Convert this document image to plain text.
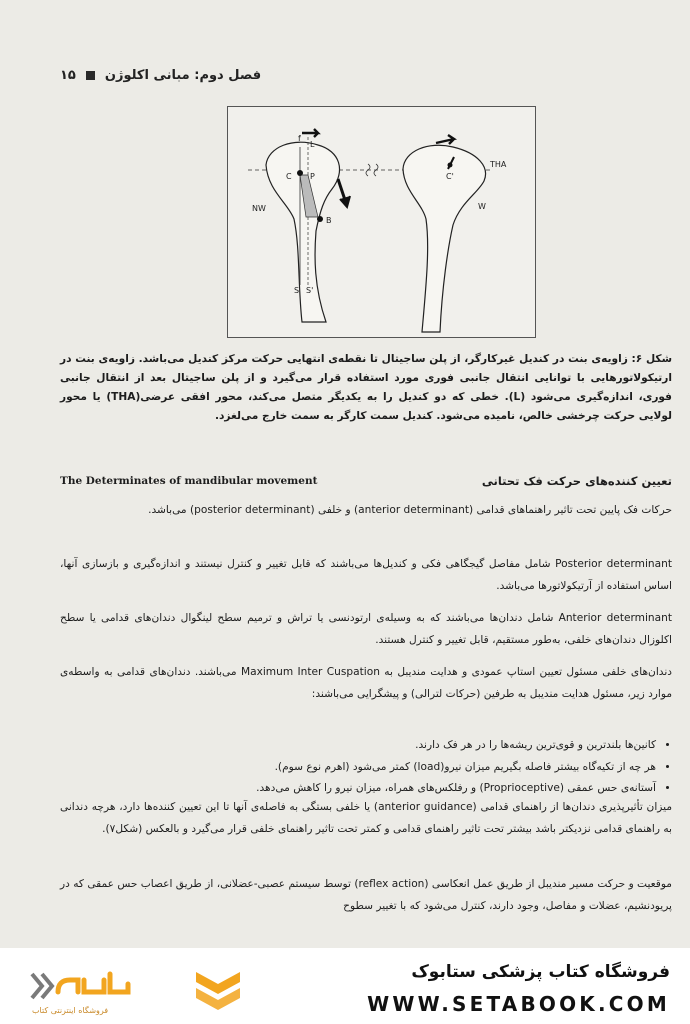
فصل دوم: مبانی اکلوژن
۱۵
L
f
C P
NW
B
S S'
C'
THA
W
شکل ۶: زاویه‌ی بنت در کندیل غیرکارگر، از پلن ساجیتال تا نقطه‌ی انتهایی حرکت مرکز کندیل می‌باشد. زاویه‌ی بنت در ارتیکولاتورهایی با توانایی انتقال جانبی فوری مورد استفاده قرار می‌گیرد و از پلن ساجیتال بعد از انتقال جانبی فوری، اندازه‌گیری می‌شود (L). خطی که دو کندیل را به یکدیگر متصل می‌کند، محور افقی عرضی(THA) یا محور لولایی حرکت چرخشی خالص، نامیده می‌شود. کندیل سمت کارگر به سمت خارج می‌لغزد.
تعیین کننده‌های حرکت فک تحتانی
The Determinates of mandibular movement
حرکات فک پایین تحت تاثیر راهنماهای قدامی (anterior determinant) و خلفی (posterior determinant) می‌باشد.
Posterior determinant شامل مفاصل گیجگاهی فکی و کندیل‌ها می‌باشند که قابل تغییر و کنترل نیستند و اندازه‌گیری و بازسازی آنها، اساس استفاده از آرتیکولاتورها می‌باشد.
Anterior determinant شامل دندان‌ها می‌باشند که به وسیله‌ی ارتودنسی یا تراش و ترمیم سطح لینگوال دندان‌های قدامی یا سطح اکلوزال دندان‌های خلفی، به‌طور مستقیم، قابل تغییر و کنترل هستند.
دندان‌های خلفی مسئول تعیین استاپ عمودی و هدایت مندیبل به Maximum Inter Cuspation می‌باشند. دندان‌های قدامی به واسطه‌ی موارد زیر، مسئول هدایت مندیبل به طرفین (حرکات لترالی) و پیشگرایی می‌باشند:
• کانین‌ها بلندترین و قوی‌ترین ریشه‌ها را در هر فک دارند.
• هر چه از تکیه‌گاه بیشتر فاصله بگیریم میزان نیرو(load) کمتر می‌شود (اهرم نوع سوم).
• آستانه‌ی حس عمقی (Proprioceptive) و رفلکس‌های همراه، میزان نیرو را کاهش می‌دهد.
میزان تأثیرپذیری دندان‌ها از راهنمای قدامی (anterior guidance) یا خلفی بستگی به فاصله‌ی آنها تا این تعیین کننده‌ها دارد، هرچه دندانی به راهنمای قدامی نزدیکتر باشد بیشتر تحت تاثیر راهنمای قدامی و کمتر تحت تاثیر راهنمای خلفی قرار می‌گیرد و بالعکس (شکل۷).
موقعیت و حرکت مسیر مندیبل از طریق عمل انعکاسی (reflex action) توسط سیستم عصبی-عضلانی، از طریق اعصاب حس عمقی که در پریودنشیم، عضلات و مفاصل، وجود دارند، کنترل می‌شود که با تغییر سطوح
فروشگاه اینترنتی کتاب
فروشگاه کتاب پزشکی ستابوک
WWW.SETABOOK.COM
